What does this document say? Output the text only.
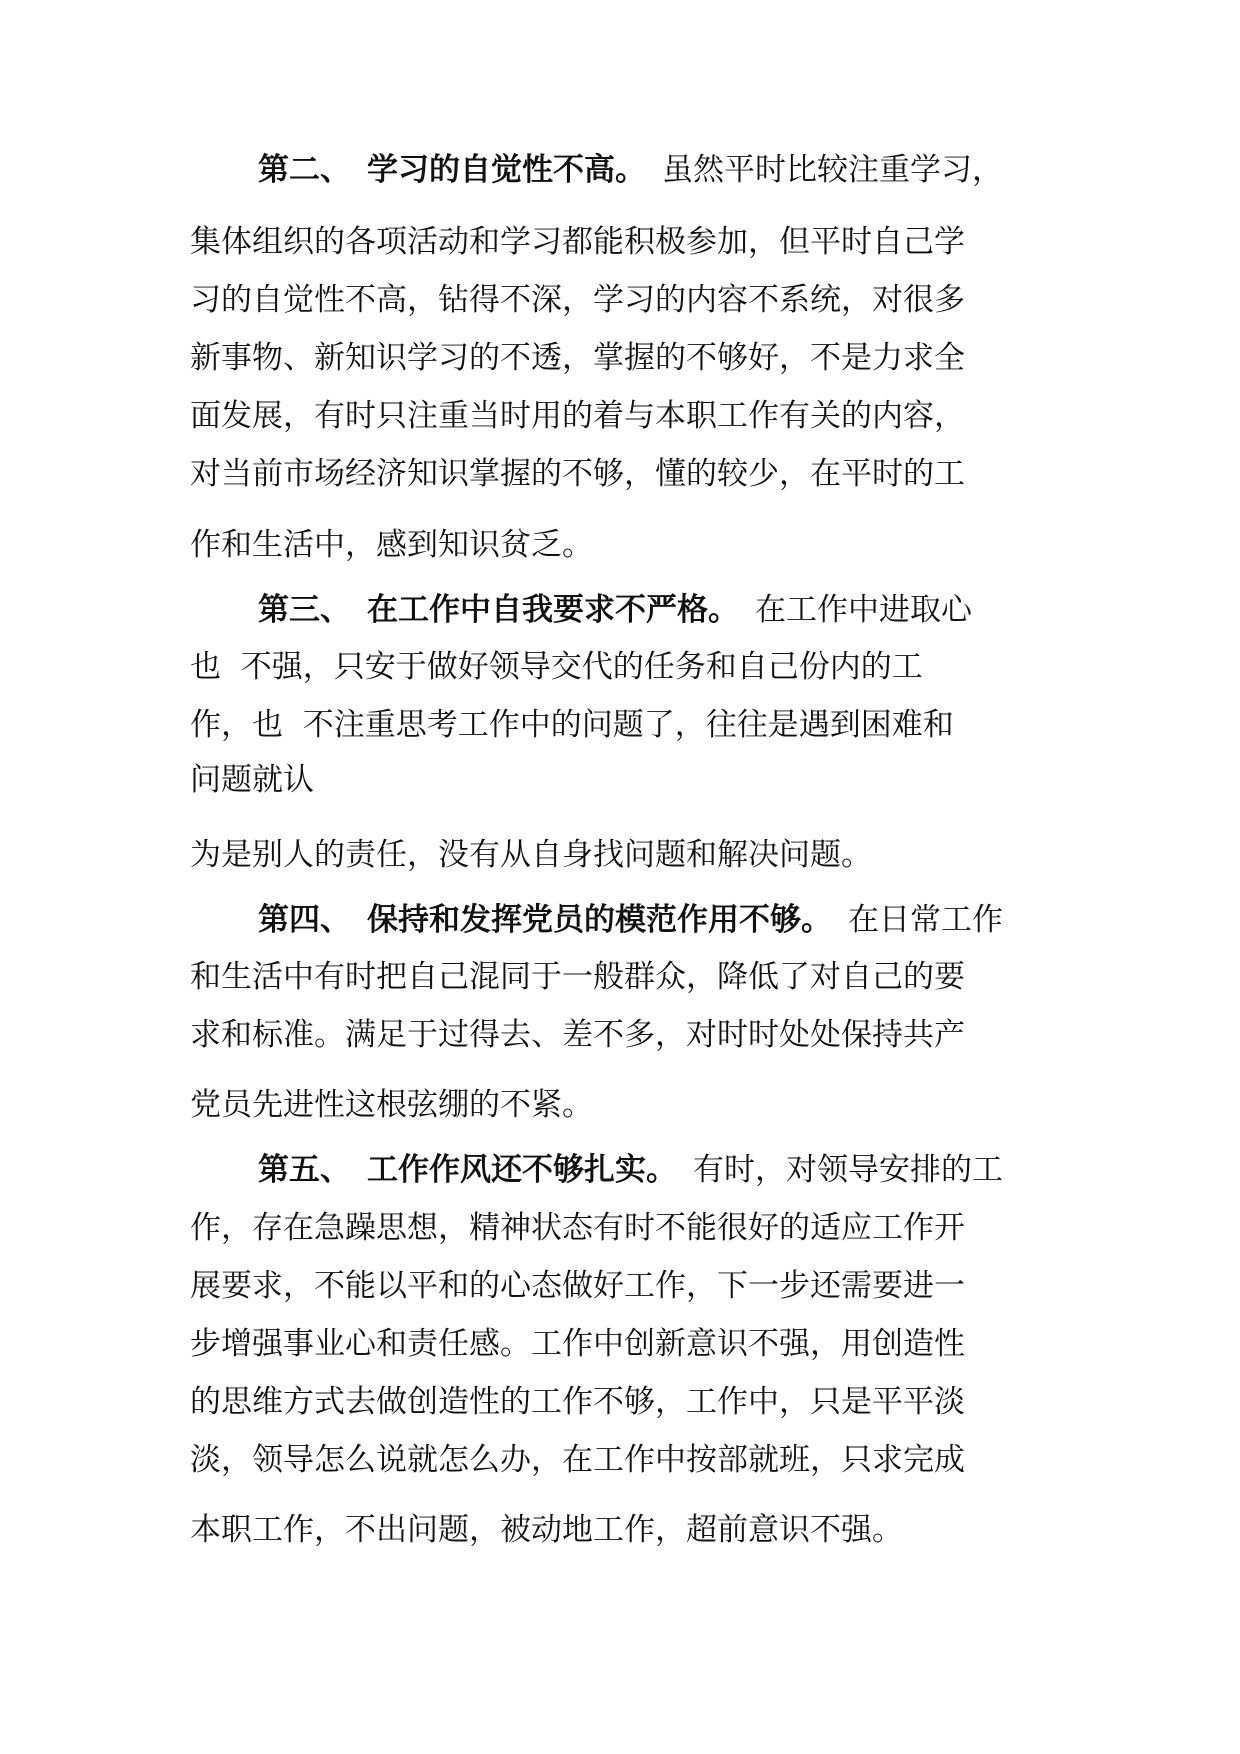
第二、 学习的自觉性不高。 虽然平时比较注重学习，
集体组织的各项活动和学习都能积极参加，但平时自己学
习的自觉性不高，钻得不深，学习的内容不系统，对很多
新事物、新知识学习的不透，掌握的不够好，不是力求全
面发展，有时只注重当时用的着与本职工作有关的内容，
对当前市场经济知识掌握的不够，懂的较少，在平时的工
作和生活中，感到知识贫乏。
第三、 在工作中自我要求不严格。 在工作中进取心
也  不强，只安于做好领导交代的任务和自己份内的工
作，也  不注重思考工作中的问题了，往往是遇到困难和
问题就认
为是别人的责任，没有从自身找问题和解决问题。
第四、 保持和发挥党员的模范作用不够。 在日常工作
和生活中有时把自己混同于一般群众，降低了对自己的要
求和标准。满足于过得去、差不多，对时时处处保持共产
党员先进性这根弦绷的不紧。
第五、 工作作风还不够扎实。 有时，对领导安排的工
作，存在急躁思想，精神状态有时不能很好的适应工作开
展要求，不能以平和的心态做好工作，下一步还需要进一
步增强事业心和责任感。工作中创新意识不强，用创造性
的思维方式去做创造性的工作不够，工作中，只是平平淡
淡，领导怎么说就怎么办，在工作中按部就班，只求完成
本职工作，不出问题，被动地工作，超前意识不强。
